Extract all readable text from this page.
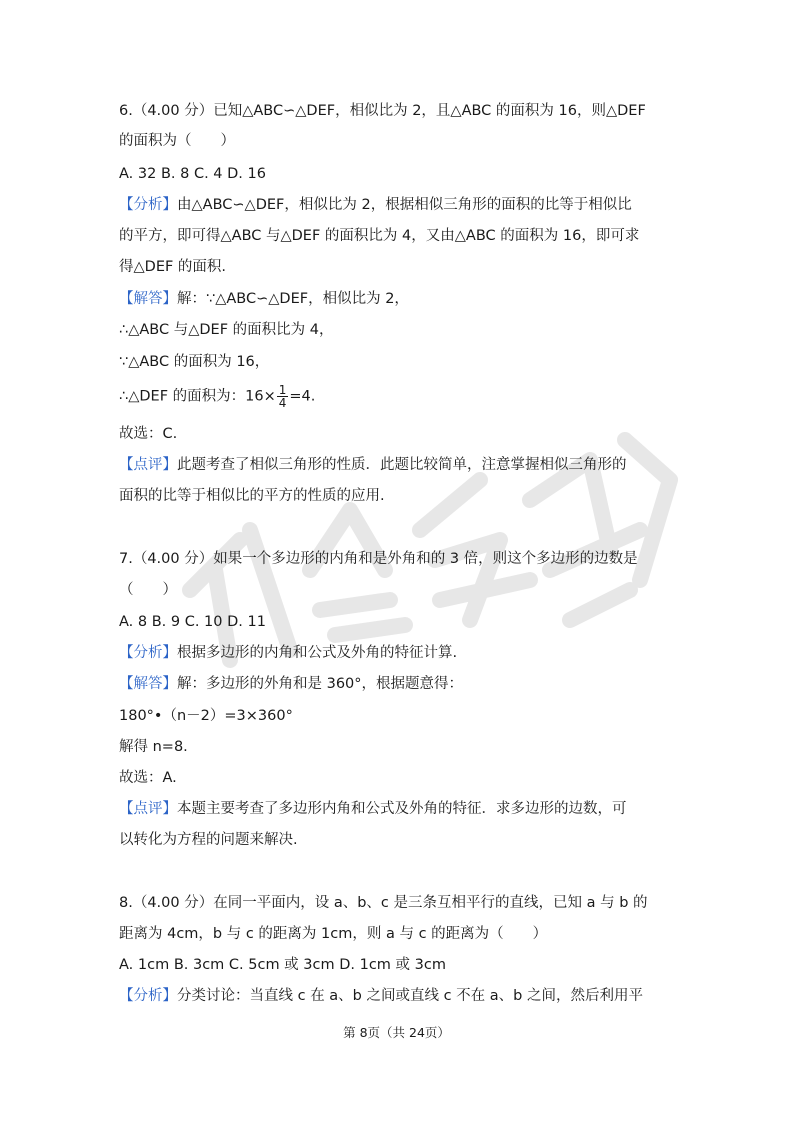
6.（4.00 分）已知△ABC∽△DEF，相似比为 2，且△ABC 的面积为 16，则△DEF
的面积为（　　）
A. 32 B. 8 C. 4 D. 16
【分析】由△ABC∽△DEF，相似比为 2，根据相似三角形的面积的比等于相似比
的平方，即可得△ABC 与△DEF 的面积比为 4，又由△ABC 的面积为 16，即可求
得△DEF 的面积.
【解答】解：∵△ABC∽△DEF，相似比为 2，
∴△ABC 与△DEF 的面积比为 4，
∵△ABC 的面积为 16，
∴△DEF 的面积为：$16\times \frac{1}{4} =4$.
故选：C.
【点评】此题考查了相似三角形的性质．此题比较简单，注意掌握相似三角形的
面积的比等于相似比的平方的性质的应用.
7.（4.00 分）如果一个多边形的内角和是外角和的 3 倍，则这个多边形的边数是
（　　）
A. 8 B. 9 C. 10 D. 11
【分析】根据多边形的内角和公式及外角的特征计算.
【解答】解：多边形的外角和是 360°，根据题意得：
180°•（n－2）=3×360°
解得 n=8.
故选：A.
【点评】本题主要考查了多边形内角和公式及外角的特征．求多边形的边数，可
以转化为方程的问题来解决.
8.（4.00 分）在同一平面内，设 a、b、c 是三条互相平行的直线，已知 a 与 b 的
距离为 4cm，b 与 c 的距离为 1cm，则 a 与 c 的距离为（　　）
A. 1cm B. 3cm C. 5cm 或 3cm D. 1cm 或 3cm
【分析】分类讨论：当直线 c 在 a、b 之间或直线 c 不在 a、b 之间，然后利用平
第 8页（共 24页）
